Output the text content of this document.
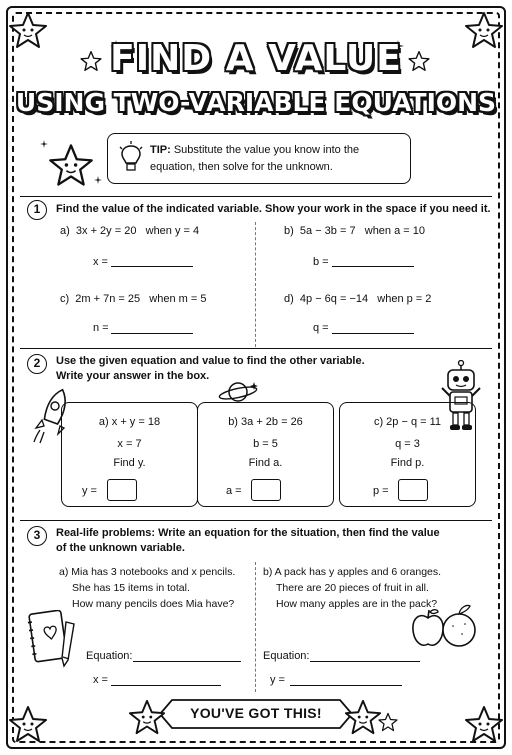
FIND A VALUE
USING TWO-VARIABLE EQUATIONS
TIP: Substitute the value you know into the equation, then solve for the unknown.
1	Find the value of the indicated variable. Show your work in the space if you need it.
a) 3x + 2y = 20 when y = 4
x =
b) 5a − 3b = 7 when a = 10
b =
c) 2m + 7n = 25 when m = 5
n =
d) 4p − 6q = −14 when p = 2
q =
2	Use the given equation and value to find the other variable.
Write your answer in the box.
a) x + y = 18
x = 7
Find y.
y =
b) 3a + 2b = 26
b = 5
Find a.
a =
c) 2p − q = 11
q = 3
Find p.
p =
3	Real-life problems: Write an equation for the situation, then find the value
of the unknown variable.
a) Mia has 3 notebooks and x pencils.
She has 15 items in total.
How many pencils does Mia have?
b) A pack has y apples and 6 oranges.
There are 20 pieces of fruit in all.
How many apples are in the pack?
Equation:
x =
Equation:
y =
YOU'VE GOT THIS!
